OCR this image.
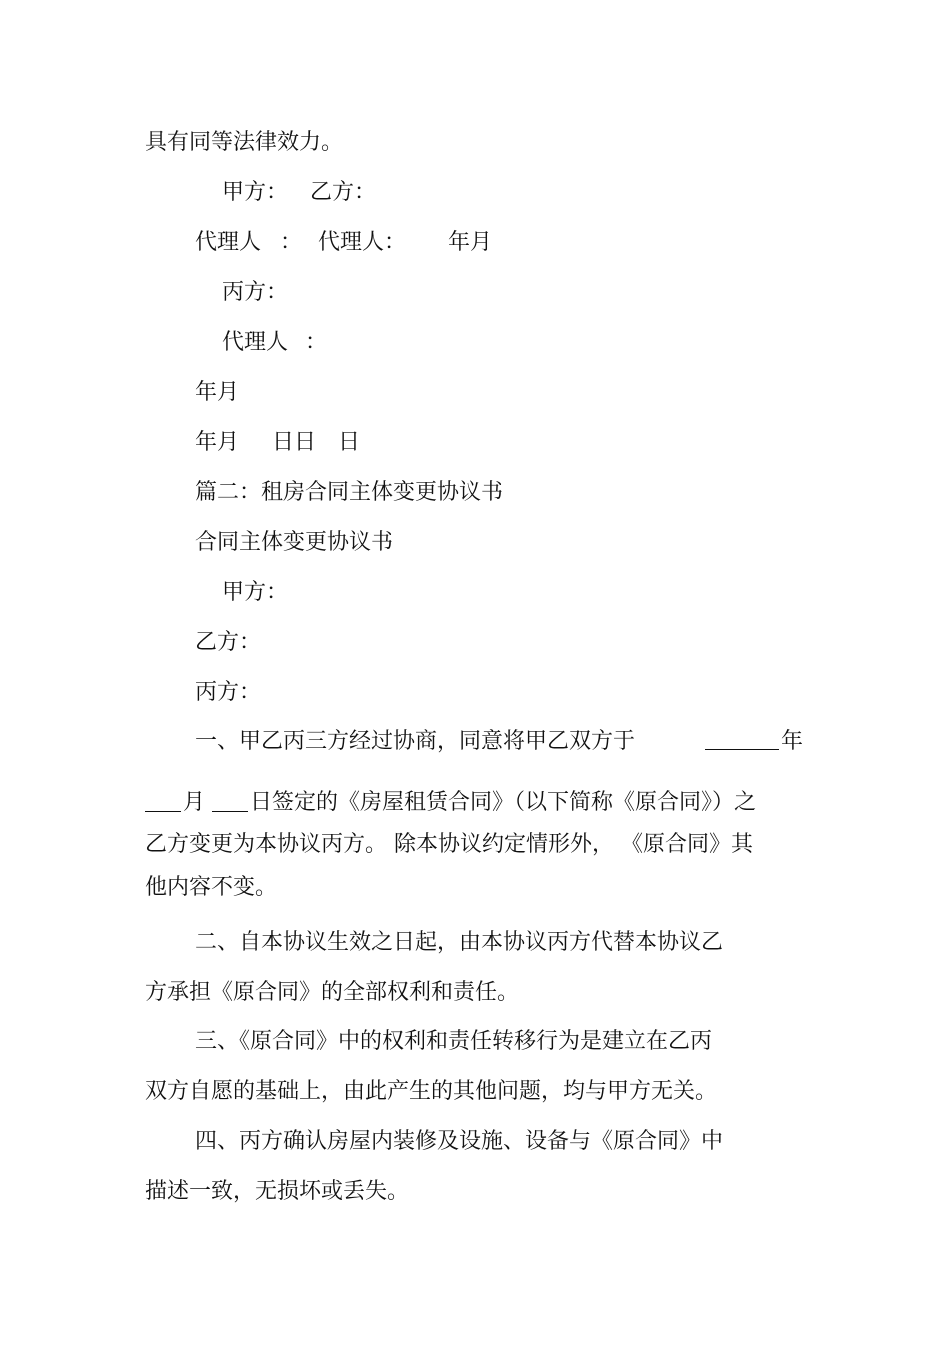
具有同等法律效力。
甲方： 乙方：
代理人 ： 代理人： 年月
丙方：
代理人 ：
年月
年月 日日 日
篇二：租房合同主体变更协议书
合同主体变更协议书
甲方：
乙方：
丙方：
一、甲乙丙三方经过协商，同意将甲乙双方于	年
月 日签定的《房屋租赁合同》（以下简称《原合同》）之
乙方变更为本协议丙方。 除本协议约定情形外， 《原合同》其
他内容不变。
二、自本协议生效之日起，由本协议丙方代替本协议乙
方承担《原合同》的全部权利和责任。
三、《原合同》中的权利和责任转移行为是建立在乙丙
双方自愿的基础上，由此产生的其他问题，均与甲方无关。
四、丙方确认房屋内装修及设施、设备与《原合同》中
描述一致，无损坏或丢失。
